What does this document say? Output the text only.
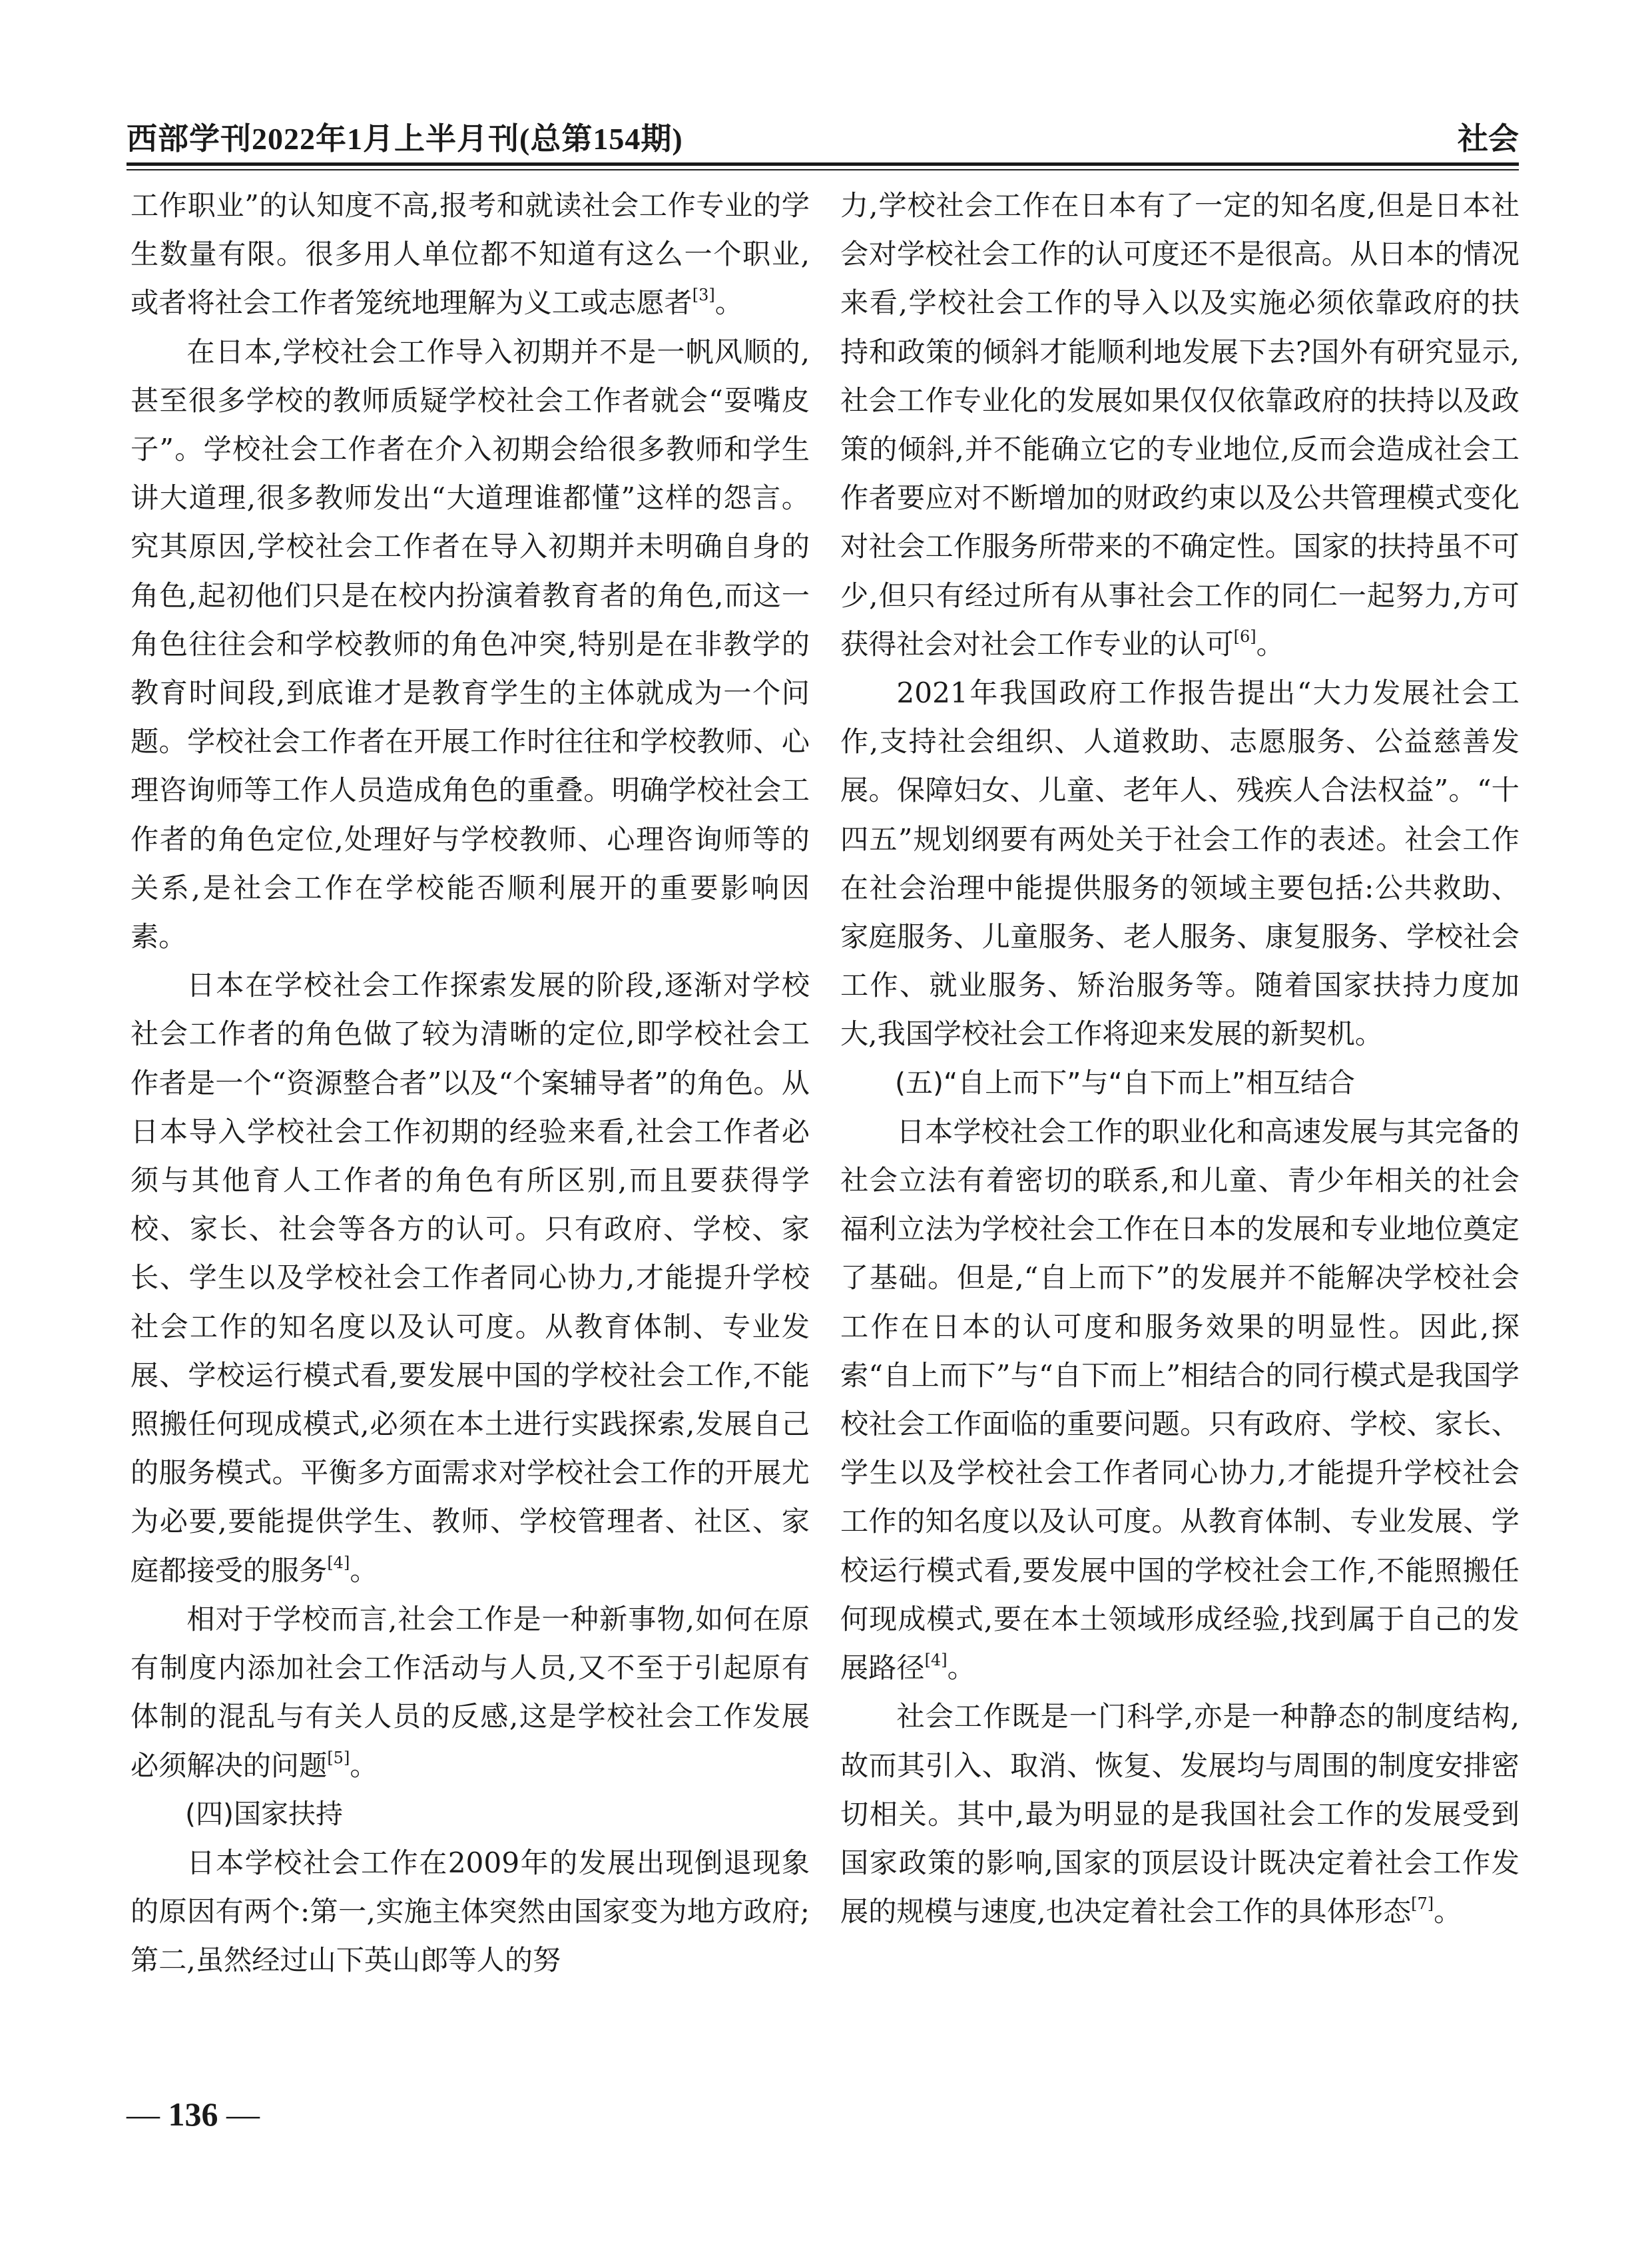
西部学刊2022年1月上半月刊(总第154期)	社会

工作职业”的认知度不高,报考和就读社会工作专业的学生数量有限。很多用人单位都不知道有这么一个职业,或者将社会工作者笼统地理解为义工或志愿者[3]。

在日本,学校社会工作导入初期并不是一帆风顺的,甚至很多学校的教师质疑学校社会工作者就会“耍嘴皮子”。学校社会工作者在介入初期会给很多教师和学生讲大道理,很多教师发出“大道理谁都懂”这样的怨言。究其原因,学校社会工作者在导入初期并未明确自身的角色,起初他们只是在校内扮演着教育者的角色,而这一角色往往会和学校教师的角色冲突,特别是在非教学的教育时间段,到底谁才是教育学生的主体就成为一个问题。学校社会工作者在开展工作时往往和学校教师、心理咨询师等工作人员造成角色的重叠。明确学校社会工作者的角色定位,处理好与学校教师、心理咨询师等的关系,是社会工作在学校能否顺利展开的重要影响因素。

日本在学校社会工作探索发展的阶段,逐渐对学校社会工作者的角色做了较为清晰的定位,即学校社会工作者是一个“资源整合者”以及“个案辅导者”的角色。从日本导入学校社会工作初期的经验来看,社会工作者必须与其他育人工作者的角色有所区别,而且要获得学校、家长、社会等各方的认可。只有政府、学校、家长、学生以及学校社会工作者同心协力,才能提升学校社会工作的知名度以及认可度。从教育体制、专业发展、学校运行模式看,要发展中国的学校社会工作,不能照搬任何现成模式,必须在本土进行实践探索,发展自己的服务模式。平衡多方面需求对学校社会工作的开展尤为必要,要能提供学生、教师、学校管理者、社区、家庭都接受的服务[4]。

相对于学校而言,社会工作是一种新事物,如何在原有制度内添加社会工作活动与人员,又不至于引起原有体制的混乱与有关人员的反感,这是学校社会工作发展必须解决的问题[5]。

(四)国家扶持

日本学校社会工作在2009年的发展出现倒退现象的原因有两个:第一,实施主体突然由国家变为地方政府;第二,虽然经过山下英山郎等人的努

力,学校社会工作在日本有了一定的知名度,但是日本社会对学校社会工作的认可度还不是很高。从日本的情况来看,学校社会工作的导入以及实施必须依靠政府的扶持和政策的倾斜才能顺利地发展下去?国外有研究显示,社会工作专业化的发展如果仅仅依靠政府的扶持以及政策的倾斜,并不能确立它的专业地位,反而会造成社会工作者要应对不断增加的财政约束以及公共管理模式变化对社会工作服务所带来的不确定性。国家的扶持虽不可少,但只有经过所有从事社会工作的同仁一起努力,方可获得社会对社会工作专业的认可[6]。

2021年我国政府工作报告提出“大力发展社会工作,支持社会组织、人道救助、志愿服务、公益慈善发展。保障妇女、儿童、老年人、残疾人合法权益”。“十四五”规划纲要有两处关于社会工作的表述。社会工作在社会治理中能提供服务的领域主要包括:公共救助、家庭服务、儿童服务、老人服务、康复服务、学校社会工作、就业服务、矫治服务等。随着国家扶持力度加大,我国学校社会工作将迎来发展的新契机。

(五)“自上而下”与“自下而上”相互结合

日本学校社会工作的职业化和高速发展与其完备的社会立法有着密切的联系,和儿童、青少年相关的社会福利立法为学校社会工作在日本的发展和专业地位奠定了基础。但是,“自上而下”的发展并不能解决学校社会工作在日本的认可度和服务效果的明显性。因此,探索“自上而下”与“自下而上”相结合的同行模式是我国学校社会工作面临的重要问题。只有政府、学校、家长、学生以及学校社会工作者同心协力,才能提升学校社会工作的知名度以及认可度。从教育体制、专业发展、学校运行模式看,要发展中国的学校社会工作,不能照搬任何现成模式,要在本土领域形成经验,找到属于自己的发展路径[4]。

社会工作既是一门科学,亦是一种静态的制度结构,故而其引入、取消、恢复、发展均与周围的制度安排密切相关。其中,最为明显的是我国社会工作的发展受到国家政策的影响,国家的顶层设计既决定着社会工作发展的规模与速度,也决定着社会工作的具体形态[7]。

— 136 —
